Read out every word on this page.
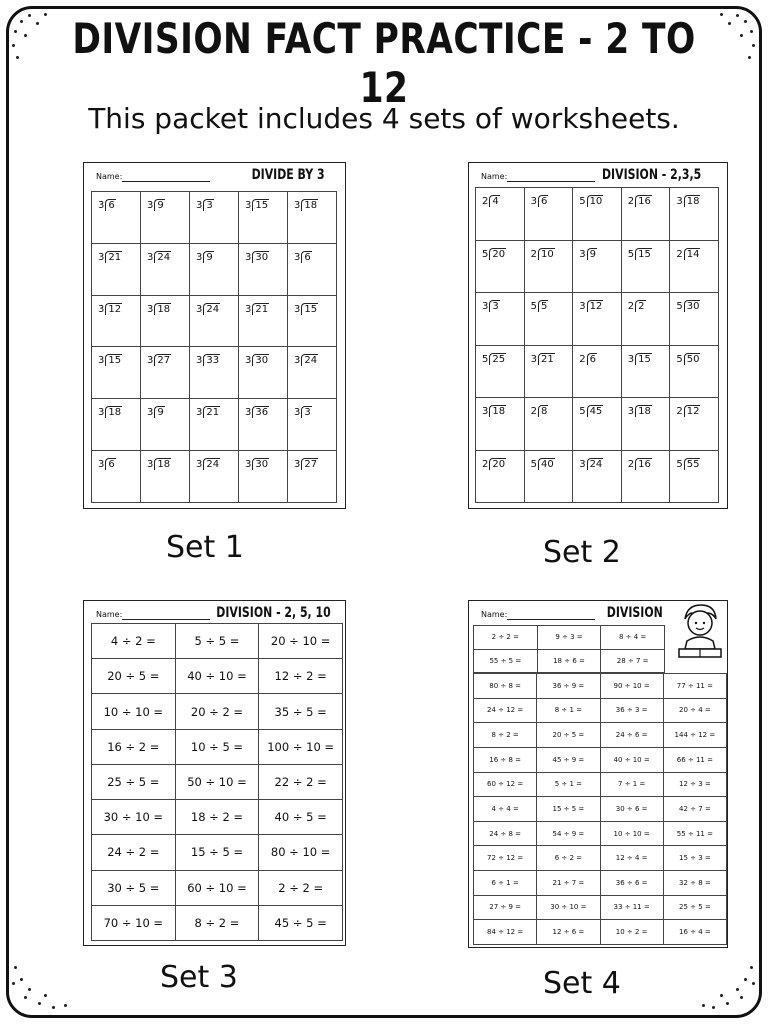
DIVISION FACT PRACTICE - 2 TO 12
This packet includes 4 sets of worksheets.
Name:	DIVIDE BY 3
3 6	3 9	3 3	3 15	3 18
3 21	3 24	3 9	3 30	3 6
3 12	3 18	3 24	3 21	3 15
3 15	3 27	3 33	3 30	3 24
3 18	3 9	3 21	3 36	3 3
3 6	3 18	3 24	3 30	3 27
Name:	DIVISION - 2,3,5
2 4	3 6	5 10	2 16	3 18
5 20	2 10	3 9	5 15	2 14
3 3	5 5	3 12	2 2	5 30
5 25	3 21	2 6	3 15	5 50
3 18	2 8	5 45	3 18	2 12
2 20	5 40	3 24	2 16	5 55
Name:	DIVISION - 2, 5, 10
4 ÷ 2 =	5 ÷ 5 =	20 ÷ 10 =
20 ÷ 5 =	40 ÷ 10 =	12 ÷ 2 =
10 ÷ 10 =	20 ÷ 2 =	35 ÷ 5 =
16 ÷ 2 =	10 ÷ 5 =	100 ÷ 10 =
25 ÷ 5 =	50 ÷ 10 =	22 ÷ 2 =
30 ÷ 10 =	18 ÷ 2 =	40 ÷ 5 =
24 ÷ 2 =	15 ÷ 5 =	80 ÷ 10 =
30 ÷ 5 =	60 ÷ 10 =	2 ÷ 2 =
70 ÷ 10 =	8 ÷ 2 =	45 ÷ 5 =
Name:	DIVISION
2 ÷ 2 =	9 ÷ 3 =	8 ÷ 4 =
55 ÷ 5 =	18 ÷ 6 =	28 ÷ 7 =
80 ÷ 8 =	36 ÷ 9 =	90 ÷ 10 =	77 ÷ 11 =
24 ÷ 12 =	8 ÷ 1 =	36 ÷ 3 =	20 ÷ 4 =
8 ÷ 2 =	20 ÷ 5 =	24 ÷ 6 =	144 ÷ 12 =
16 ÷ 8 =	45 ÷ 9 =	40 ÷ 10 =	66 ÷ 11 =
60 ÷ 12 =	5 ÷ 1 =	7 ÷ 1 =	12 ÷ 3 =
4 ÷ 4 =	15 ÷ 5 =	30 ÷ 6 =	42 ÷ 7 =
24 ÷ 8 =	54 ÷ 9 =	10 ÷ 10 =	55 ÷ 11 =
72 ÷ 12 =	6 ÷ 2 =	12 ÷ 4 =	15 ÷ 3 =
6 ÷ 1 =	21 ÷ 7 =	36 ÷ 6 =	32 ÷ 8 =
27 ÷ 9 =	30 ÷ 10 =	33 ÷ 11 =	25 ÷ 5 =
84 ÷ 12 =	12 ÷ 6 =	10 ÷ 2 =	16 ÷ 4 =
Set 1	Set 2
Set 3	Set 4
